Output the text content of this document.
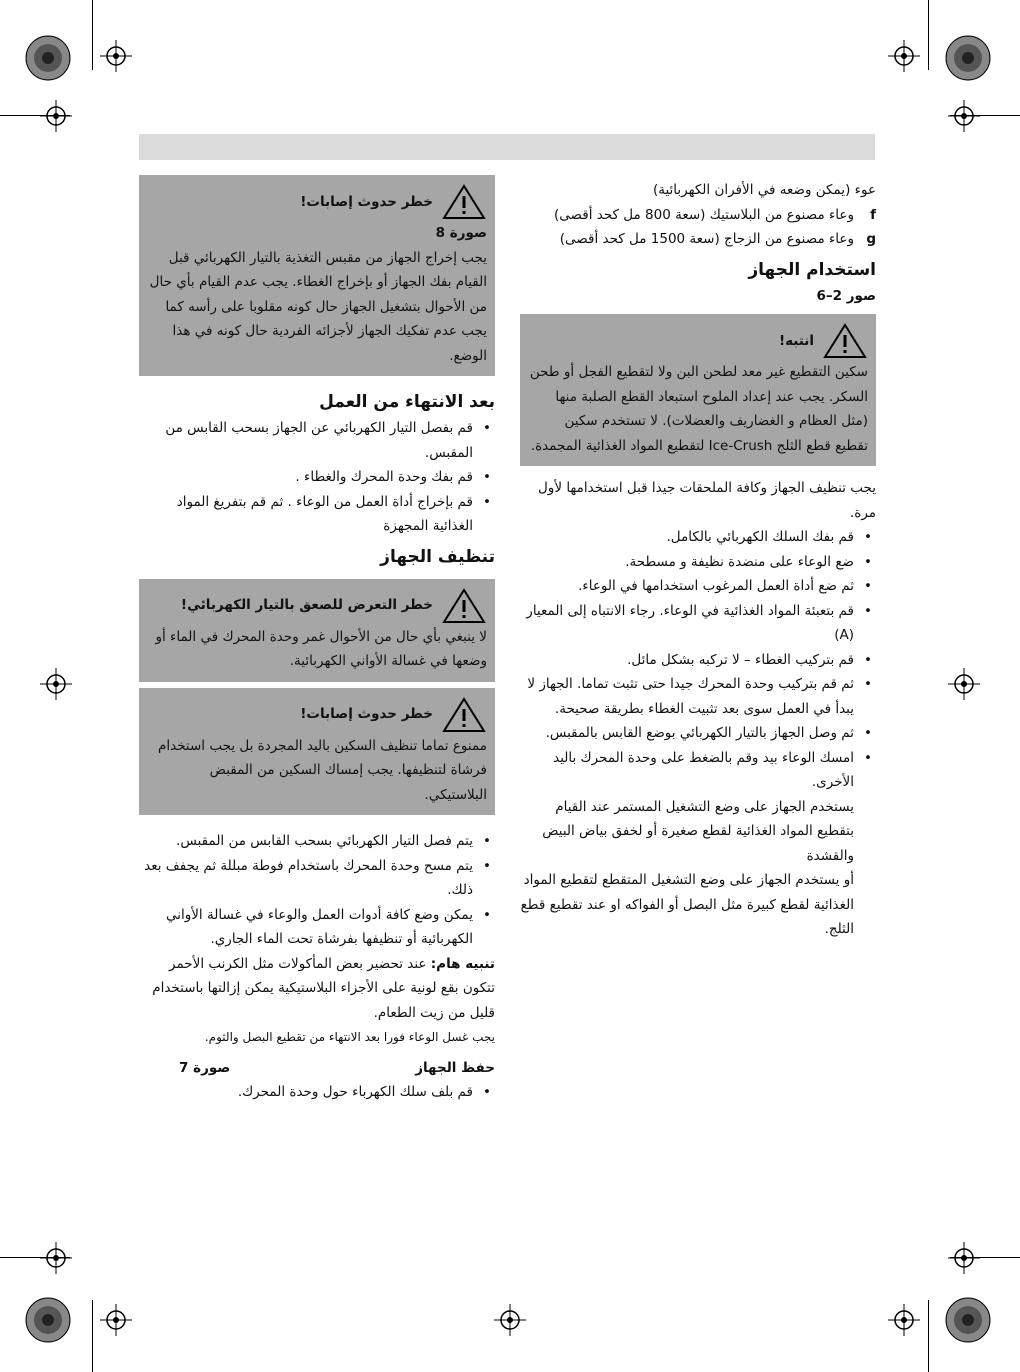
عوء (يمكن وضعه في الأفران الكهربائية)

f
وعاء مصنوع من البلاستيك (سعة 800 مل كحد أقصى)
g
وعاء مصنوع من الزجاج (سعة 1500 مل كحد أقصى)

استخدام الجهاز

صور 2–6

انتبه!

سكين التقطيع غير معد لطحن البن ولا لتقطيع الفجل أو طحن السكر. يجب عند إعداد الملوح استبعاد القطع الصلبة منها (مثل العظام و الغضاريف والعضلات). لا تستخدم سكين تقطيع قطع الثلج Ice-Crush لتقطيع المواد الغذائية المجمدة.

يجب تنظيف الجهاز وكافة الملحقات جيدا قبل استخدامها لأول مرة.

• قم بفك السلك الكهربائي بالكامل.
• ضع الوعاء على منضدة نظيفة و مسطحة.
• ثم ضع أداة العمل المرغوب استخدامها في الوعاء.
• قم بتعبئة المواد الغذائية في الوعاء. رجاء الانتباه إلى المعيار (A)
• قم بتركيب الغطاء – لا تركبه بشكل مائل.
• ثم قم بتركيب وحدة المحرك جيدا حتى تثبت تماما. الجهاز لا يبدأ في العمل سوى بعد تثبيت الغطاء بطريقة صحيحة.
• ثم وصل الجهاز بالتيار الكهربائي بوضع القابس بالمقبس.
• امسك الوعاء بيد وقم بالضغط على وحدة المحرك باليد الأخرى.

يستخدم الجهاز على وضع التشغيل المستمر عند القيام بتقطيع المواد الغذائية لقطع صغيرة أو لخفق بياض البيض والقشدة

أو يستخدم الجهاز على وضع التشغيل المتقطع لتقطيع المواد الغذائية لقطع كبيرة مثل البصل أو الفواكه او عند تقطيع قطع الثلج.

خطر حدوث إصابات!

صورة 8

يجب إخراج الجهاز من مقبس التغذية بالتيار الكهربائي قبل القيام بفك الجهاز أو بإخراج الغطاء. يجب عدم القيام بأي حال من الأحوال بتشغيل الجهاز حال كونه مقلوبا على رأسه كما يجب عدم تفكيك الجهاز لأجزائه الفردية حال كونه في هذا الوضع.

بعد الانتهاء من العمل

• قم بفصل التيار الكهربائي عن الجهاز بسحب القابس من المقبس.
• قم بفك وحدة المحرك والغطاء .
• قم بإخراج أداة العمل من الوعاء . ثم قم بتفريغ المواد الغذائية المجهزة

تنظيف الجهاز

خطر التعرض للصعق بالتيار الكهربائي!

لا ينبغي بأي حال من الأحوال غمر وحدة المحرك في الماء أو وضعها في غسالة الأواني الكهربائية.

خطر حدوث إصابات!

ممنوع تماما تنظيف السكين باليد المجردة بل يجب استخدام فرشاة لتنظيفها. يجب إمساك السكين من المقبض البلاستيكي.

• يتم فصل التيار الكهربائي بسحب القابس من المقبس.
• يتم مسح وحدة المحرك باستخدام فوطة مبللة ثم يجفف بعد ذلك.
• يمكن وضع كافة أدوات العمل والوعاء في غسالة الأواني الكهربائية أو تنظيفها بفرشاة تحت الماء الجاري.

تنبيه هام: عند تحضير بعض المأكولات مثل الكرنب الأحمر تتكون بقع لونية على الأجزاء البلاستيكية يمكن إزالتها باستخدام قليل من زيت الطعام.

يجب غسل الوعاء فورا بعد الانتهاء من تقطيع البصل والثوم.

حفظ الجهاز
صورة 7
• قم بلف سلك الكهرباء حول وحدة المحرك.
